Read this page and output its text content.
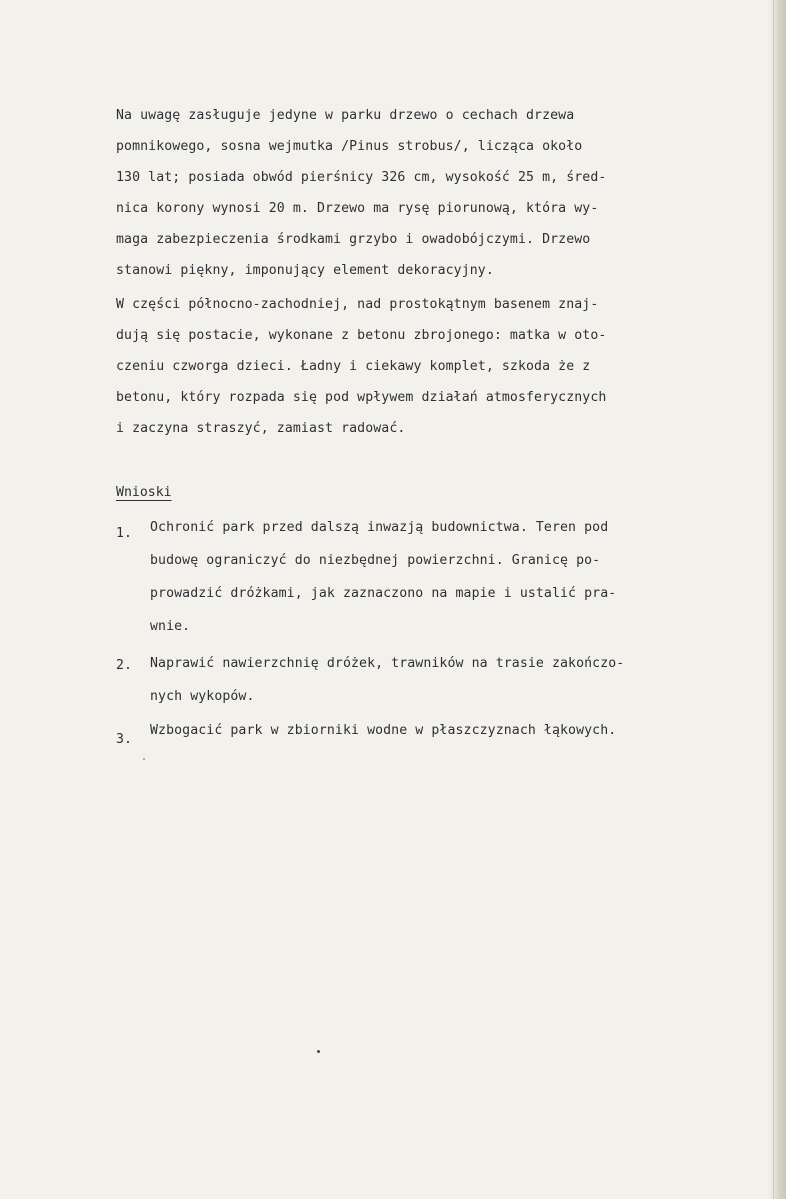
Na uwagę zasługuje jedyne w parku drzewo o cechach drzewa

pomnikowego, sosna wejmutka /Pinus strobus/, licząca około

130 lat; posiada obwód pierśnicy 326 cm, wysokość 25 m, śred-

nica korony wynosi 20 m. Drzewo ma rysę piorunową, która wy-

maga zabezpieczenia środkami grzybo i owadobójczymi. Drzewo

stanowi piękny, imponujący element dekoracyjny.

W części północno-zachodniej, nad prostokątnym basenem znaj-

dują się postacie, wykonane z betonu zbrojonego: matka w oto-

czeniu czworga dzieci. Ładny i ciekawy komplet, szkoda że z

betonu, który rozpada się pod wpływem działań atmosferycznych

i zaczyna straszyć, zamiast radować.

Wnioski
1.

Ochronić park przed dalszą inwazją budownictwa. Teren pod

budowę ograniczyć do niezbędnej powierzchni. Granicę po-

prowadzić dróżkami, jak zaznaczono na mapie i ustalić pra-

wnie.

2.

Naprawić nawierzchnię dróżek, trawników na trasie zakończo-

nych wykopów.

3.

Wzbogacić park w zbiorniki wodne w płaszczyznach łąkowych.
